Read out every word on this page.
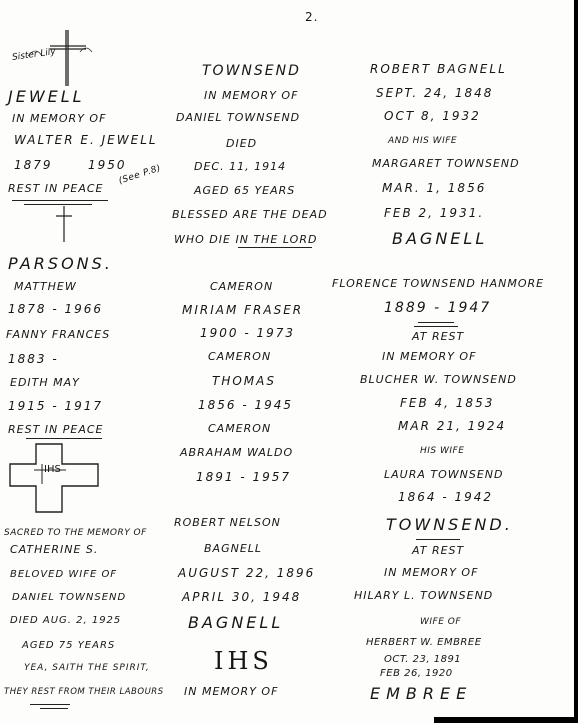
2.
Sister Lily
JEWELL
IN MEMORY OF
WALTER E. JEWELL
1879	1950
REST IN PEACE
(See P.8)
PARSONS.
MATTHEW
1878 - 1966
FANNY FRANCES
1883 -
EDITH MAY
1915 - 1917
REST IN PEACE
IHS
SACRED TO THE MEMORY OF
CATHERINE S.
BELOVED WIFE OF
DANIEL TOWNSEND
DIED AUG. 2, 1925
AGED 75 YEARS
YEA, SAITH THE SPIRIT,
THEY REST FROM THEIR LABOURS
TOWNSEND
IN MEMORY OF
DANIEL TOWNSEND
DIED
DEC. 11, 1914
AGED 65 YEARS
BLESSED ARE THE DEAD
WHO DIE IN THE LORD
CAMERON
MIRIAM FRASER
1900 - 1973
CAMERON
THOMAS
1856 - 1945
CAMERON
ABRAHAM WALDO
1891 - 1957
ROBERT NELSON
BAGNELL
AUGUST 22, 1896
APRIL 30, 1948
BAGNELL
IHS
IN MEMORY OF
ROBERT BAGNELL
SEPT. 24, 1848
OCT 8, 1932
AND HIS WIFE
MARGARET TOWNSEND
MAR. 1, 1856
FEB 2, 1931.
BAGNELL
FLORENCE TOWNSEND HANMORE
1889 - 1947
AT REST
IN MEMORY OF
BLUCHER W. TOWNSEND
FEB 4, 1853
MAR 21, 1924
HIS WIFE
LAURA TOWNSEND
1864 - 1942
TOWNSEND.
AT REST
IN MEMORY OF
HILARY L. TOWNSEND
WIFE OF
HERBERT W. EMBREE
OCT. 23, 1891
FEB 26, 1920
EMBREE
